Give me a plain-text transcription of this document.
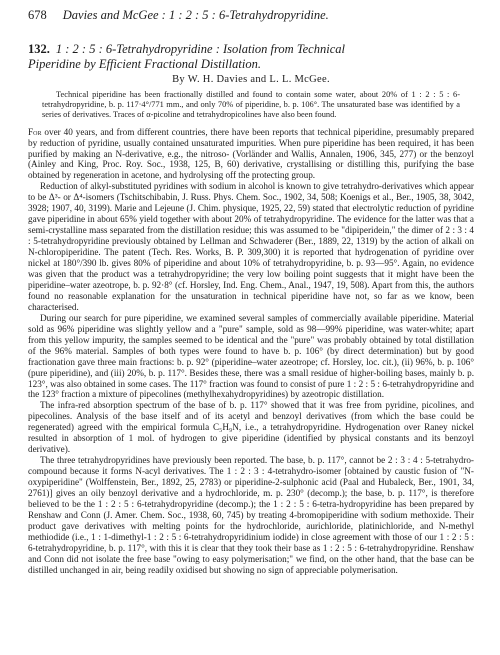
678 Davies and McGee : 1 : 2 : 5 : 6-Tetrahydropyridine.
132. 1 : 2 : 5 : 6-Tetrahydropyridine : Isolation from Technical
Piperidine by Efficient Fractional Distillation.
By W. H. Davies and L. L. McGee.

Technical piperidine has been fractionally distilled and found to contain some water, about 20% of 1 : 2 : 5 : 6-tetrahydropyridine, b. p. 117·4°/771 mm., and only 70% of piperidine, b. p. 106°. The unsaturated base was identified by a series of derivatives. Traces of α-picoline and tetrahydropicolines have also been found.

For over 40 years, and from different countries, there have been reports that technical piperidine, presumably prepared by reduction of pyridine, usually contained unsaturated impurities. When pure piperidine has been required, it has been purified by making an N-derivative, e.g., the nitroso- (Vorländer and Wallis, Annalen, 1906, 345, 277) or the benzoyl (Ainley and King, Proc. Roy. Soc., 1938, 125, B, 60) derivative, crystallising or distilling this, purifying the base obtained by regeneration in acetone, and hydrolysing off the protecting group.

Reduction of alkyl-substituted pyridines with sodium in alcohol is known to give tetrahydro-derivatives which appear to be Δ³- or Δ⁴-isomers (Tschitschibabin, J. Russ. Phys. Chem. Soc., 1902, 34, 508; Koenigs et al., Ber., 1905, 38, 3042, 3928; 1907, 40, 3199). Marie and Lejeune (J. Chim. physique, 1925, 22, 59) stated that electrolytic reduction of pyridine gave piperidine in about 65% yield together with about 20% of tetrahydropyridine. The evidence for the latter was that a semi-crystalline mass separated from the distillation residue; this was assumed to be "dipiperidein," the dimer of 2 : 3 : 4 : 5-tetrahydropyridine previously obtained by Lellman and Schwaderer (Ber., 1889, 22, 1319) by the action of alkali on N-chloropiperidine. The patent (Tech. Res. Works, B. P. 309,300) it is reported that hydrogenation of pyridine over nickel at 180°/390 lb. gives 80% of piperidine and about 10% of tetrahydropyridine, b. p. 93—95°. Again, no evidence was given that the product was a tetrahydropyridine; the very low boiling point suggests that it might have been the piperidine–water azeotrope, b. p. 92·8° (cf. Horsley, Ind. Eng. Chem., Anal., 1947, 19, 508). Apart from this, the authors found no reasonable explanation for the unsaturation in technical piperidine have not, so far as we know, been characterised.

During our search for pure piperidine, we examined several samples of commercially available piperidine. Material sold as 96% piperidine was slightly yellow and a "pure" sample, sold as 98—99% piperidine, was water-white; apart from this yellow impurity, the samples seemed to be identical and the "pure" was probably obtained by total distillation of the 96% material. Samples of both types were found to have b. p. 106° (by direct determination) but by good fractionation gave three main fractions: b. p. 92° (piperidine–water azeotrope; cf. Horsley, loc. cit.), (ii) 96%, b. p. 106° (pure piperidine), and (iii) 20%, b. p. 117°. Besides these, there was a small residue of higher-boiling bases, mainly b. p. 123°, was also obtained in some cases. The 117° fraction was found to consist of pure 1 : 2 : 5 : 6-tetrahydropyridine and the 123° fraction a mixture of pipecolines (methylhexahydropyridines) by azeotropic distillation.

The infra-red absorption spectrum of the base of b. p. 117° showed that it was free from pyridine, picolines, and pipecolines. Analysis of the base itself and of its acetyl and benzoyl derivatives (from which the base could be regenerated) agreed with the empirical formula C₅H₉N, i.e., a tetrahydropyridine. Hydrogenation over Raney nickel resulted in absorption of 1 mol. of hydrogen to give piperidine (identified by physical constants and its benzoyl derivative).

The three tetrahydropyridines have previously been reported. The base, b. p. 117°, cannot be 2 : 3 : 4 : 5-tetrahydro-compound because it forms N-acyl derivatives. The 1 : 2 : 3 : 4-tetrahydro-isomer [obtained by caustic fusion of "N-oxypiperidine" (Wolffenstein, Ber., 1892, 25, 2783) or piperidine-2-sulphonic acid (Paal and Hubaleck, Ber., 1901, 34, 2761)] gives an oily benzoyl derivative and a hydrochloride, m. p. 230° (decomp.); the base, b. p. 117°, is therefore believed to be the 1 : 2 : 5 : 6-tetrahydropyridine (decomp.); the 1 : 2 : 5 : 6-tetra-hydropyridine has been prepared by Renshaw and Conn (J. Amer. Chem. Soc., 1938, 60, 745) by treating 4-bromopiperidine with sodium methoxide. Their product gave derivatives with melting points for the hydrochloride, aurichloride, platinichloride, and N-methyl methiodide (i.e., 1 : 1-dimethyl-1 : 2 : 5 : 6-tetrahydropyridinium iodide) in close agreement with those of our 1 : 2 : 5 : 6-tetrahydropyridine, b. p. 117°, with this it is clear that they took their base as 1 : 2 : 5 : 6-tetrahydropyridine. Renshaw and Conn did not isolate the free base "owing to easy polymerisation;" we find, on the other hand, that the base can be distilled unchanged in air, being readily oxidised but showing no sign of appreciable polymerisation.
